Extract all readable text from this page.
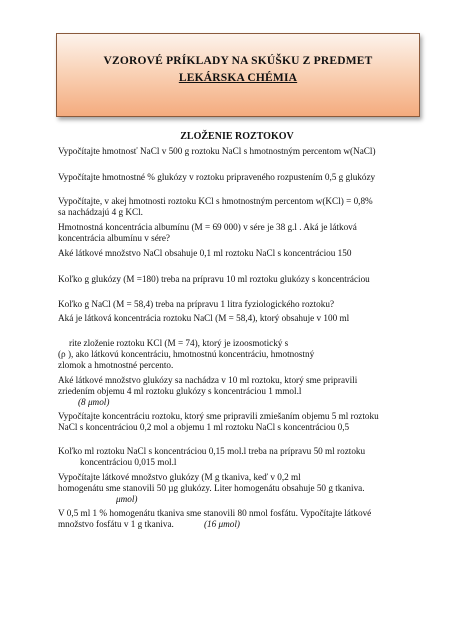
VZOROVÉ PRÍKLADY NA SKÚŠKU Z PREDMET
LEKÁRSKA CHÉMIA
ZLOŽENIE ROZTOKOV
Vypočítajte hmotnosť NaCl v 500 g roztoku NaCl s hmotnostným percentom w(NaCl)
Vypočítajte hmotnostné % glukózy v roztoku pripraveného rozpustením 0,5 g glukózy
Vypočítajte, v akej hmotnosti roztoku KCl s hmotnostným percentom w(KCl) = 0,8%
sa nachádzajú 4 g KCl.
Hmotnostná koncentrácia albumínu (M = 69 000) v sére je 38 g.l . Aká je látková
koncentrácia albumínu v sére?
Aké látkové množstvo NaCl obsahuje 0,1 ml roztoku NaCl s koncentráciou 150
Koľko g glukózy (M =180) treba na prípravu 10 ml roztoku glukózy s koncentráciou
Koľko g NaCl (M = 58,4) treba na prípravu 1 litra fyziologického roztoku?
Aká je látková koncentrácia roztoku NaCl (M = 58,4), ktorý obsahuje v 100 ml
rite zloženie roztoku KCl (M = 74), ktorý je izoosmotický s
(ρ ), ako látkovú koncentráciu, hmotnostnú koncentráciu, hmotnostný
zlomok a hmotnostné percento.
Aké látkové množstvo glukózy sa nachádza v 10 ml roztoku, ktorý sme pripravili
zriedením objemu 4 ml roztoku glukózy s koncentráciou 1 mmol.l
(8 μmol)
Vypočítajte koncentráciu roztoku, ktorý sme pripravili zmiešaním objemu 5 ml roztoku
NaCl s koncentráciou 0,2 mol a objemu 1 ml roztoku NaCl s koncentráciou 0,5
Koľko ml roztoku NaCl s koncentráciou 0,15 mol.l treba na prípravu 50 ml roztoku
koncentráciou 0,015 mol.l
Vypočítajte látkové množstvo glukózy (M g tkaniva, keď v 0,2 ml
homogenátu sme stanovili 50 µg glukózy. Liter homogenátu obsahuje 50 g tkaniva.
μmol)
V 0,5 ml 1 % homogenátu tkaniva sme stanovili 80 nmol fosfátu. Vypočítajte látkové
množstvo fosfátu v 1 g tkaniva.	(16 μmol)
